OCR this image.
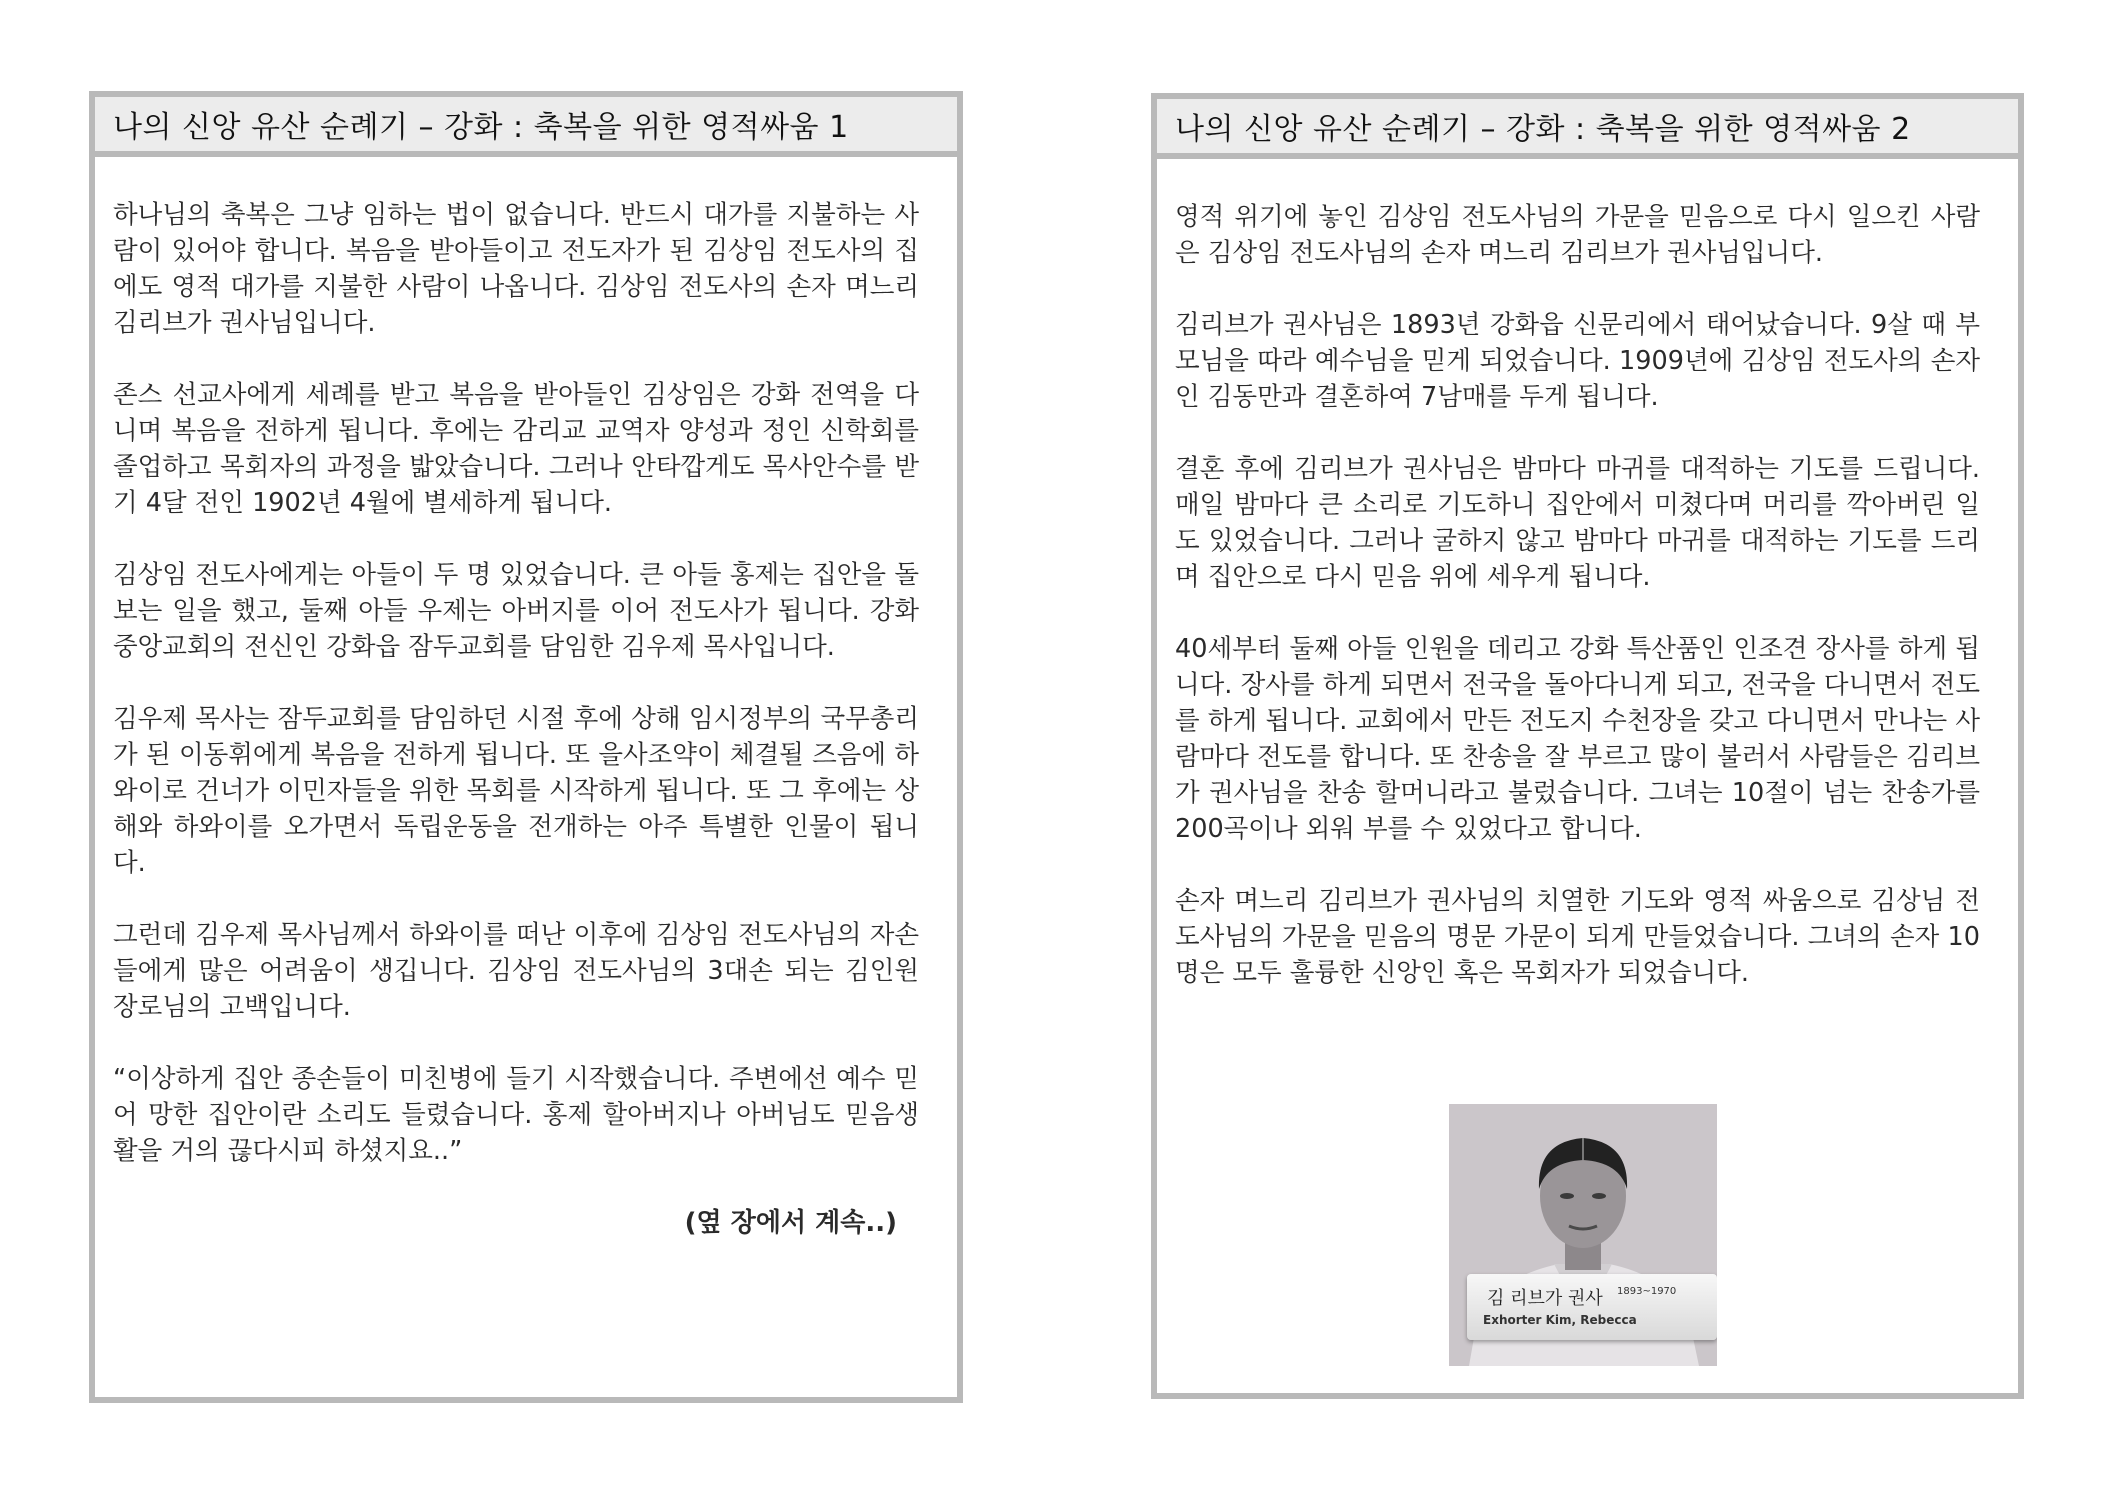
나의 신앙 유산 순례기 – 강화 : 축복을 위한 영적싸움 1

하나님의 축복은 그냥 임하는 법이 없습니다. 반드시 대가를 지불하는 사람이 있어야 합니다. 복음을 받아들이고 전도자가 된 김상임 전도사의 집에도 영적 대가를 지불한 사람이 나옵니다. 김상임 전도사의 손자 며느리 김리브가 권사님입니다.

존스 선교사에게 세례를 받고 복음을 받아들인 김상임은 강화 전역을 다니며 복음을 전하게 됩니다. 후에는 감리교 교역자 양성과 정인 신학회를 졸업하고 목회자의 과정을 밟았습니다. 그러나 안타깝게도 목사안수를 받기 4달 전인 1902년 4월에 별세하게 됩니다.

김상임 전도사에게는 아들이 두 명 있었습니다. 큰 아들 홍제는 집안을 돌보는 일을 했고, 둘째 아들 우제는 아버지를 이어 전도사가 됩니다. 강화중앙교회의 전신인 강화읍 잠두교회를 담임한 김우제 목사입니다.

김우제 목사는 잠두교회를 담임하던 시절 후에 상해 임시정부의 국무총리가 된 이동휘에게 복음을 전하게 됩니다. 또 을사조약이 체결될 즈음에 하와이로 건너가 이민자들을 위한 목회를 시작하게 됩니다. 또 그 후에는 상해와 하와이를 오가면서 독립운동을 전개하는 아주 특별한 인물이 됩니다.

그런데 김우제 목사님께서 하와이를 떠난 이후에 김상임 전도사님의 자손들에게 많은 어려움이 생깁니다. 김상임 전도사님의 3대손 되는 김인원 장로님의 고백입니다.

“이상하게 집안 종손들이 미친병에 들기 시작했습니다. 주변에선 예수 믿어 망한 집안이란 소리도 들렸습니다. 홍제 할아버지나 아버님도 믿음생활을 거의 끊다시피 하셨지요..”

(옆 장에서 계속..)

나의 신앙 유산 순례기 – 강화 : 축복을 위한 영적싸움 2

영적 위기에 놓인 김상임 전도사님의 가문을 믿음으로 다시 일으킨 사람은 김상임 전도사님의 손자 며느리 김리브가 권사님입니다.

김리브가 권사님은 1893년 강화읍 신문리에서 태어났습니다. 9살 때 부모님을 따라 예수님을 믿게 되었습니다. 1909년에 김상임 전도사의 손자인 김동만과 결혼하여 7남매를 두게 됩니다.

결혼 후에 김리브가 권사님은 밤마다 마귀를 대적하는 기도를 드립니다. 매일 밤마다 큰 소리로 기도하니 집안에서 미쳤다며 머리를 깍아버린 일도 있었습니다. 그러나 굴하지 않고 밤마다 마귀를 대적하는 기도를 드리며 집안으로 다시 믿음 위에 세우게 됩니다.

40세부터 둘째 아들 인원을 데리고 강화 특산품인 인조견 장사를 하게 됩니다. 장사를 하게 되면서 전국을 돌아다니게 되고, 전국을 다니면서 전도를 하게 됩니다. 교회에서 만든 전도지 수천장을 갖고 다니면서 만나는 사람마다 전도를 합니다. 또 찬송을 잘 부르고 많이 불러서 사람들은 김리브가 권사님을 찬송 할머니라고 불렀습니다. 그녀는 10절이 넘는 찬송가를 200곡이나 외워 부를 수 있었다고 합니다.

손자 며느리 김리브가 권사님의 치열한 기도와 영적 싸움으로 김상님 전도사님의 가문을 믿음의 명문 가문이 되게 만들었습니다. 그녀의 손자 10명은 모두 훌륭한 신앙인 혹은 목회자가 되었습니다.

김 리브가 권사 1893~1970
Exhorter Kim, Rebecca
